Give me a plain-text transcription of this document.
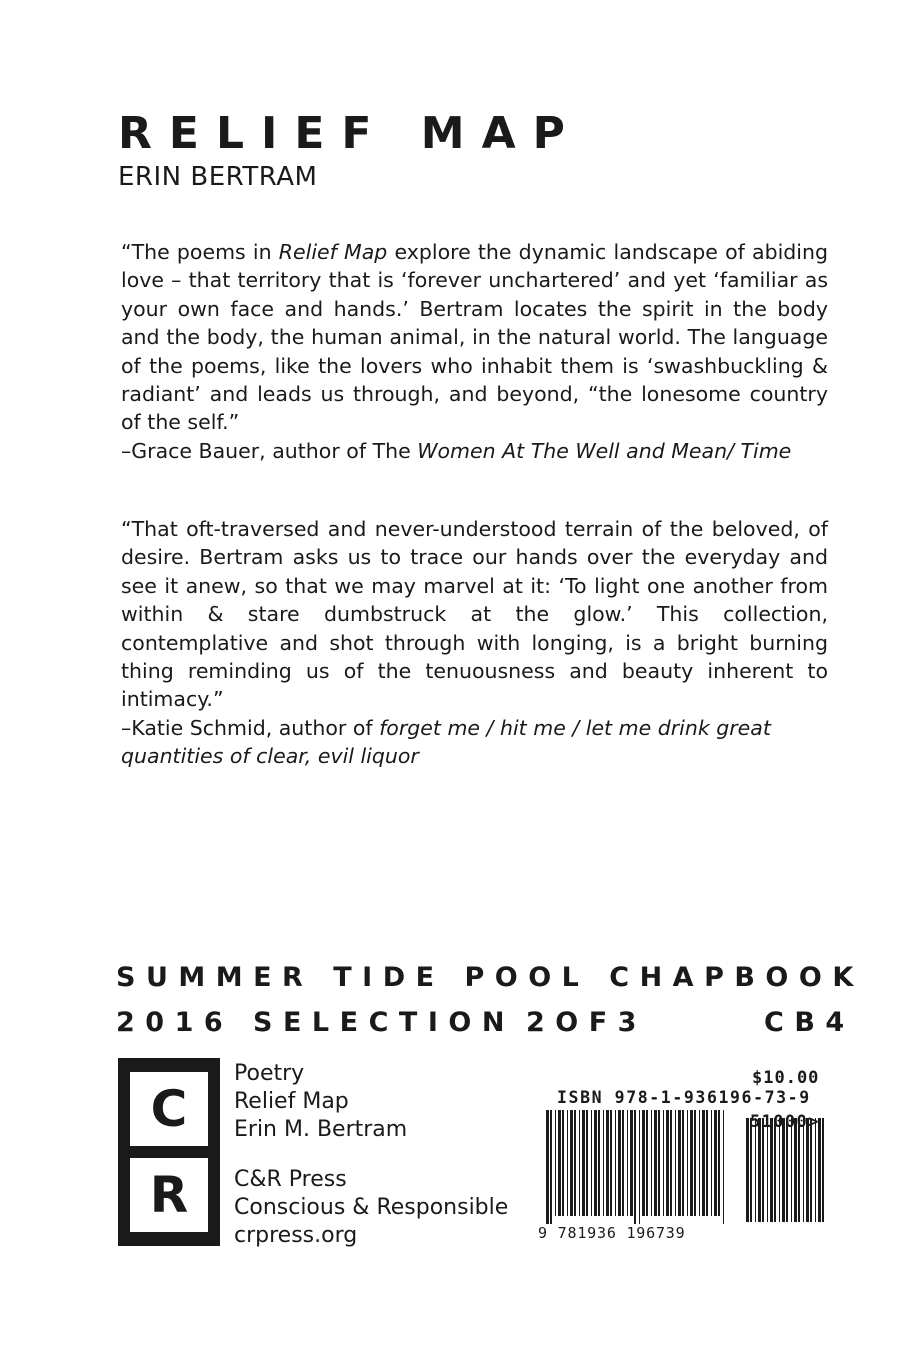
RELIEF MAP
ERIN BERTRAM

“The poems in Relief Map explore the dynamic landscape of abiding love – that territory that is ‘forever unchartered’ and yet ‘familiar as your own face and hands.’ Bertram locates the spirit in the body and the body, the human animal, in the natural world. The language of the poems, like the lovers who inhabit them is ‘swashbuckling & radiant’ and leads us through, and beyond, “the lonesome country of the self.”

–Grace Bauer, author of The Women At The Well and Mean/ Time

“That oft-traversed and never-understood terrain of the beloved, of desire. Bertram asks us to trace our hands over the everyday and see it anew, so that we may marvel at it: ‘To light one another from within & stare dumbstruck at the glow.’ This collection, contemplative and shot through with longing, is a bright burning thing reminding us of the tenuousness and beauty inherent to intimacy.”

–Katie Schmid, author of forget me / hit me / let me drink great quantities of clear, evil liquor

SUMMER TIDE POOL CHAPBOOK
2016 SELECTION 2OF3	CB4
C
R
Poetry
Relief Map
Erin M. Bertram
C&R Press
Conscious & Responsible
crpress.org
$10.00
ISBN 978-1-936196-73-9
9 781936 196739
